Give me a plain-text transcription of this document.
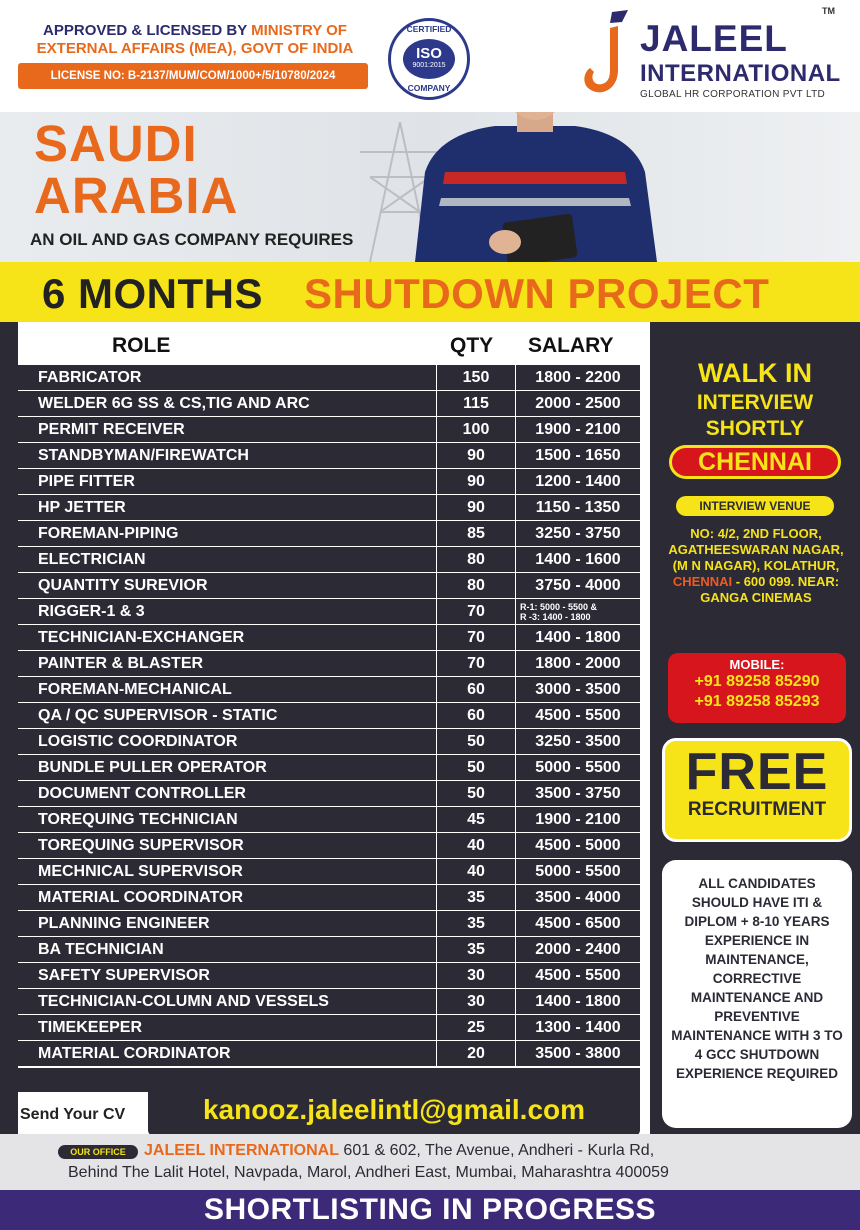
APPROVED & LICENSED BY MINISTRY OF
EXTERNAL AFFAIRS (MEA), GOVT OF INDIA
LICENSE NO: B-2137/MUM/COM/1000+/5/10780/2024
CERTIFIED
ISO
9001:2015
COMPANY
JALEEL
INTERNATIONAL
GLOBAL HR CORPORATION PVT LTD
TM
SAUDI
ARABIA
AN OIL AND GAS COMPANY REQUIRES
6 MONTHS SHUTDOWN PROJECT
ROLE	QTY SALARY
FABRICATOR	150	1800 - 2200
WELDER 6G SS & CS,TIG AND ARC	115	2000 - 2500
PERMIT RECEIVER	100	1900 - 2100
STANDBYMAN/FIREWATCH	90	1500 - 1650
PIPE FITTER	90	1200 - 1400
HP JETTER	90	1150 - 1350
FOREMAN-PIPING	85	3250 - 3750
ELECTRICIAN	80	1400 - 1600
QUANTITY SUREVIOR	80	3750 - 4000
RIGGER-1 & 3	70	R-1: 5000 - 5500 &
R -3: 1400 - 1800
TECHNICIAN-EXCHANGER	70	1400 - 1800
PAINTER & BLASTER	70	1800 - 2000
FOREMAN-MECHANICAL	60	3000 - 3500
QA / QC SUPERVISOR - STATIC	60	4500 - 5500
LOGISTIC COORDINATOR	50	3250 - 3500
BUNDLE PULLER OPERATOR	50	5000 - 5500
DOCUMENT CONTROLLER	50	3500 - 3750
TOREQUING TECHNICIAN	45	1900 - 2100
TOREQUING SUPERVISOR	40	4500 - 5000
MECHNICAL SUPERVISOR	40	5000 - 5500
MATERIAL COORDINATOR	35	3500 - 4000
PLANNING ENGINEER	35	4500 - 6500
BA TECHNICIAN	35	2000 - 2400
SAFETY SUPERVISOR	30	4500 - 5500
TECHNICIAN-COLUMN AND VESSELS	30	1400 - 1800
TIMEKEEPER	25	1300 - 1400
MATERIAL CORDINATOR	20	3500 - 3800
Send Your CV	kanooz.jaleelintl@gmail.com
WALK IN
INTERVIEW
SHORTLY
CHENNAI
INTERVIEW VENUE
NO: 4/2, 2ND FLOOR, AGATHEESWARAN NAGAR, (M N NAGAR), KOLATHUR, CHENNAI - 600 099. NEAR: GANGA CINEMAS
MOBILE:
+91 89258 85290
+91 89258 85293
FREE
RECRUITMENT
ALL CANDIDATES SHOULD HAVE ITI & DIPLOM + 8-10 YEARS EXPERIENCE IN MAINTENANCE, CORRECTIVE MAINTENANCE AND PREVENTIVE MAINTENANCE WITH 3 TO 4 GCC SHUTDOWN EXPERIENCE REQUIRED
OUR OFFICE	JALEEL INTERNATIONAL 601 & 602, The Avenue, Andheri - Kurla Rd,
Behind The Lalit Hotel, Navpada, Marol, Andheri East, Mumbai, Maharashtra 400059
SHORTLISTING IN PROGRESS
